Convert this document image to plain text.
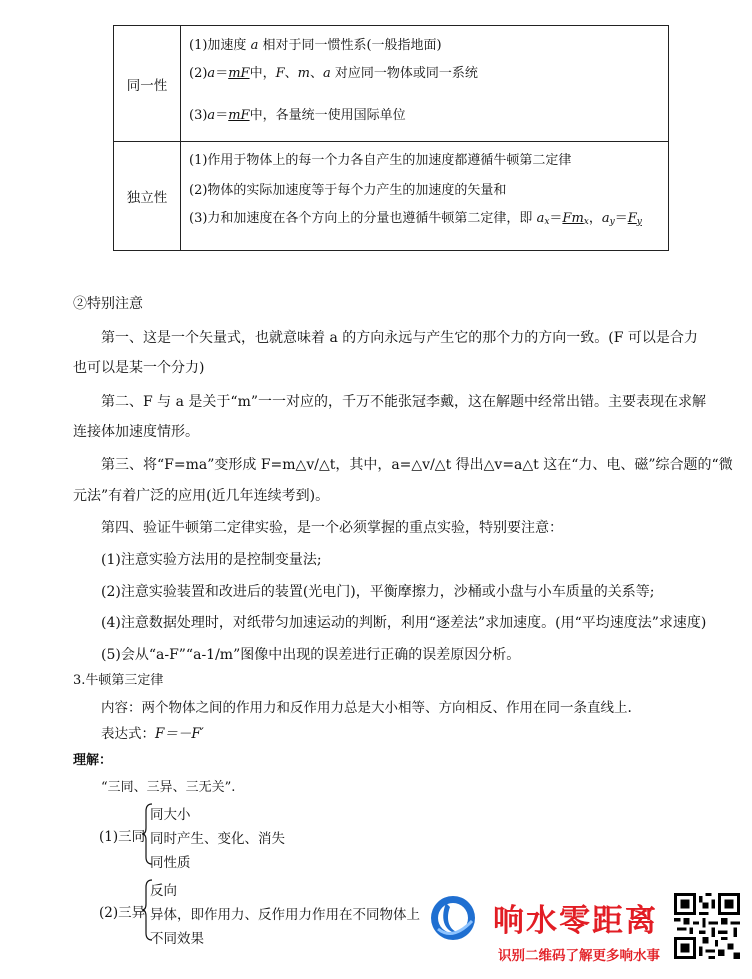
同一性	(1)加速度 a 相对于同一惯性系(一般指地面)
(2)a＝mF中，F、m、a 对应同一物体或同一系统
(3)a＝mF中，各量统一使用国际单位

独立性	(1)作用于物体上的每一个力各自产生的加速度都遵循牛顿第二定律
(2)物体的实际加速度等于每个力产生的加速度的矢量和
(3)力和加速度在各个方向上的分量也遵循牛顿第二定律，即 $a_x=Fm_x$，$a_y=F_y$
②特别注意
第一、这是一个矢量式，也就意味着 a 的方向永远与产生它的那个力的方向一致。(F 可以是合力
也可以是某一个分力)
第二、F 与 a 是关于“m”一一对应的，千万不能张冠李戴，这在解题中经常出错。主要表现在求解
连接体加速度情形。
第三、将“F=ma”变形成 F=m△v/△t，其中，a=△v/△t 得出△v=a△t 这在“力、电、磁”综合题的“微
元法”有着广泛的应用(近几年连续考到)。
第四、验证牛顿第二定律实验，是一个必须掌握的重点实验，特别要注意：
(1)注意实验方法用的是控制变量法;
(2)注意实验装置和改进后的装置(光电门)，平衡摩擦力，沙桶或小盘与小车质量的关系等;
(4)注意数据处理时，对纸带匀加速运动的判断，利用“逐差法”求加速度。(用“平均速度法”求速度)
(5)会从“a-F”“a-1/m”图像中出现的误差进行正确的误差原因分析。
3.牛顿第三定律
内容：两个物体之间的作用力和反作用力总是大小相等、方向相反、作用在同一条直线上.
表达式：F＝－F′
理解：
“三同、三异、三无关”.
(1)三同
同大小
同时产生、变化、消失
同性质
(2)三异
反向
异体，即作用力、反作用力作用在不同物体上
不同效果	响水零距离
识别二维码了解更多响水事
